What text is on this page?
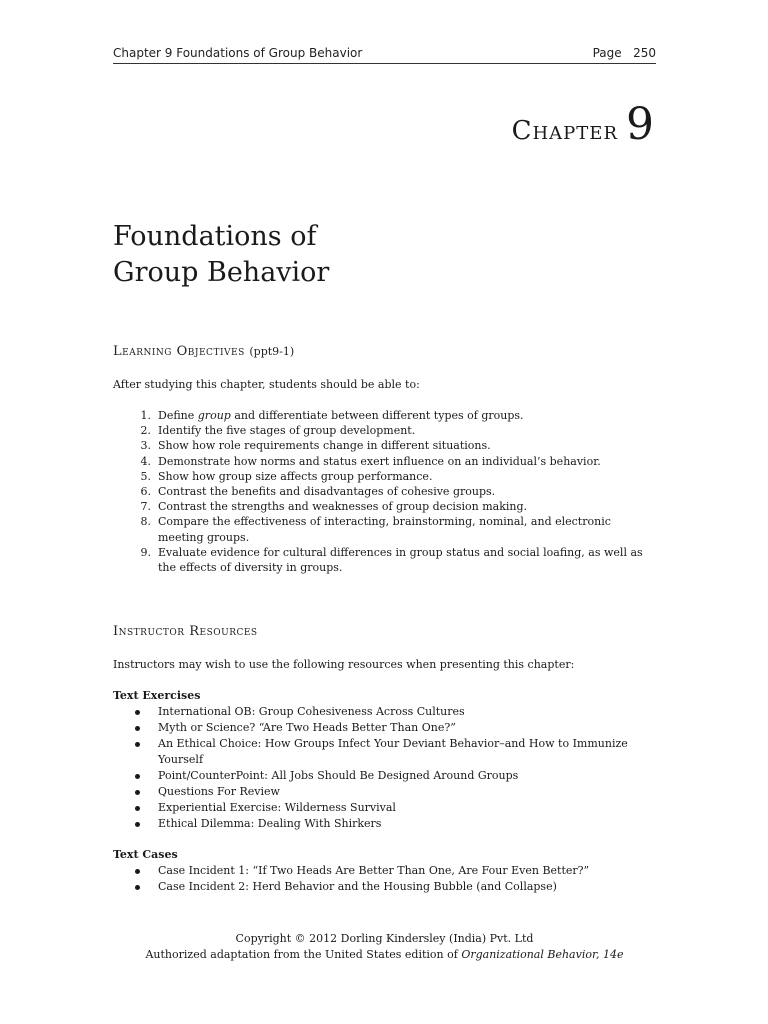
Chapter 9 Foundations of Group Behavior	Page 250
Chapter 9
Foundations of
Group Behavior
Learning Objectives (ppt9-1)
After studying this chapter, students should be able to:
1. Define group and differentiate between different types of groups.
2. Identify the five stages of group development.
3. Show how role requirements change in different situations.
4. Demonstrate how norms and status exert influence on an individual’s behavior.
5. Show how group size affects group performance.
6. Contrast the benefits and disadvantages of cohesive groups.
7. Contrast the strengths and weaknesses of group decision making.
8. Compare the effectiveness of interacting, brainstorming, nominal, and electronic meeting groups.
9. Evaluate evidence for cultural differences in group status and social loafing, as well as the effects of diversity in groups.
Instructor Resources
Instructors may wish to use the following resources when presenting this chapter:
Text Exercises
International OB: Group Cohesiveness Across Cultures
Myth or Science? “Are Two Heads Better Than One?”
An Ethical Choice: How Groups Infect Your Deviant Behavior–and How to Immunize Yourself
Point/CounterPoint: All Jobs Should Be Designed Around Groups
Questions For Review
Experiential Exercise: Wilderness Survival
Ethical Dilemma: Dealing With Shirkers
Text Cases
Case Incident 1: “If Two Heads Are Better Than One, Are Four Even Better?”
Case Incident 2: Herd Behavior and the Housing Bubble (and Collapse)
Copyright © 2012 Dorling Kindersley (India) Pvt. Ltd
Authorized adaptation from the United States edition of Organizational Behavior, 14e
